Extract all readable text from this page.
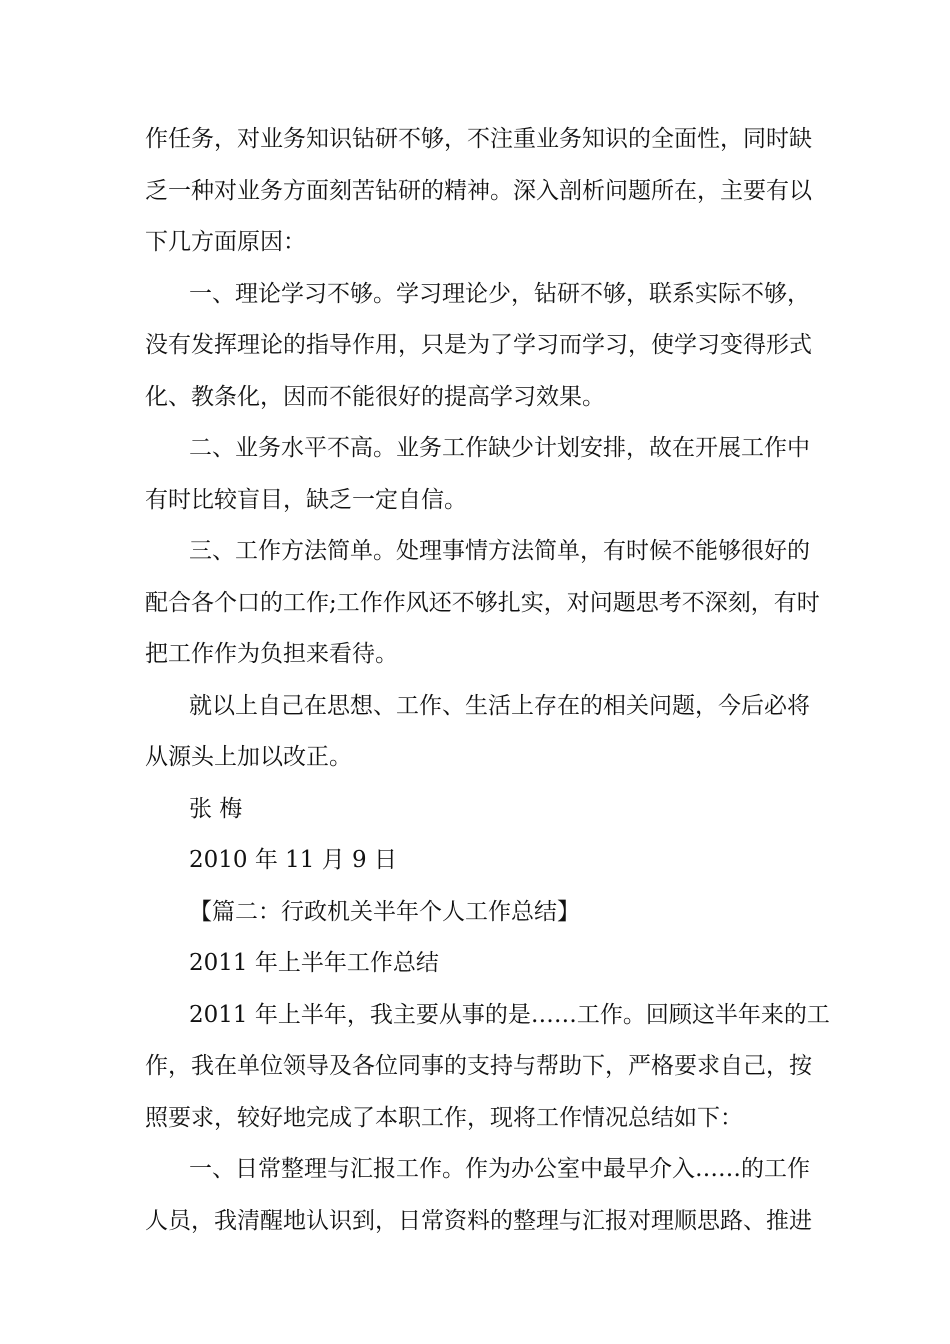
作任务，对业务知识钻研不够，不注重业务知识的全面性，同时缺
乏一种对业务方面刻苦钻研的精神。深入剖析问题所在，主要有以
下几方面原因：
一、理论学习不够。学习理论少，钻研不够，联系实际不够，
没有发挥理论的指导作用，只是为了学习而学习，使学习变得形式
化、教条化，因而不能很好的提高学习效果。
二、业务水平不高。业务工作缺少计划安排，故在开展工作中
有时比较盲目，缺乏一定自信。
三、工作方法简单。处理事情方法简单，有时候不能够很好的
配合各个口的工作;工作作风还不够扎实，对问题思考不深刻，有时
把工作作为负担来看待。
就以上自己在思想、工作、生活上存在的相关问题，今后必将
从源头上加以改正。
张 梅
2010 年 11 月 9 日
【篇二：行政机关半年个人工作总结】
2011 年上半年工作总结
2011 年上半年，我主要从事的是……工作。回顾这半年来的工
作，我在单位领导及各位同事的支持与帮助下，严格要求自己，按
照要求，较好地完成了本职工作，现将工作情况总结如下：
一、日常整理与汇报工作。作为办公室中最早介入……的工作
人员，我清醒地认识到，日常资料的整理与汇报对理顺思路、推进
